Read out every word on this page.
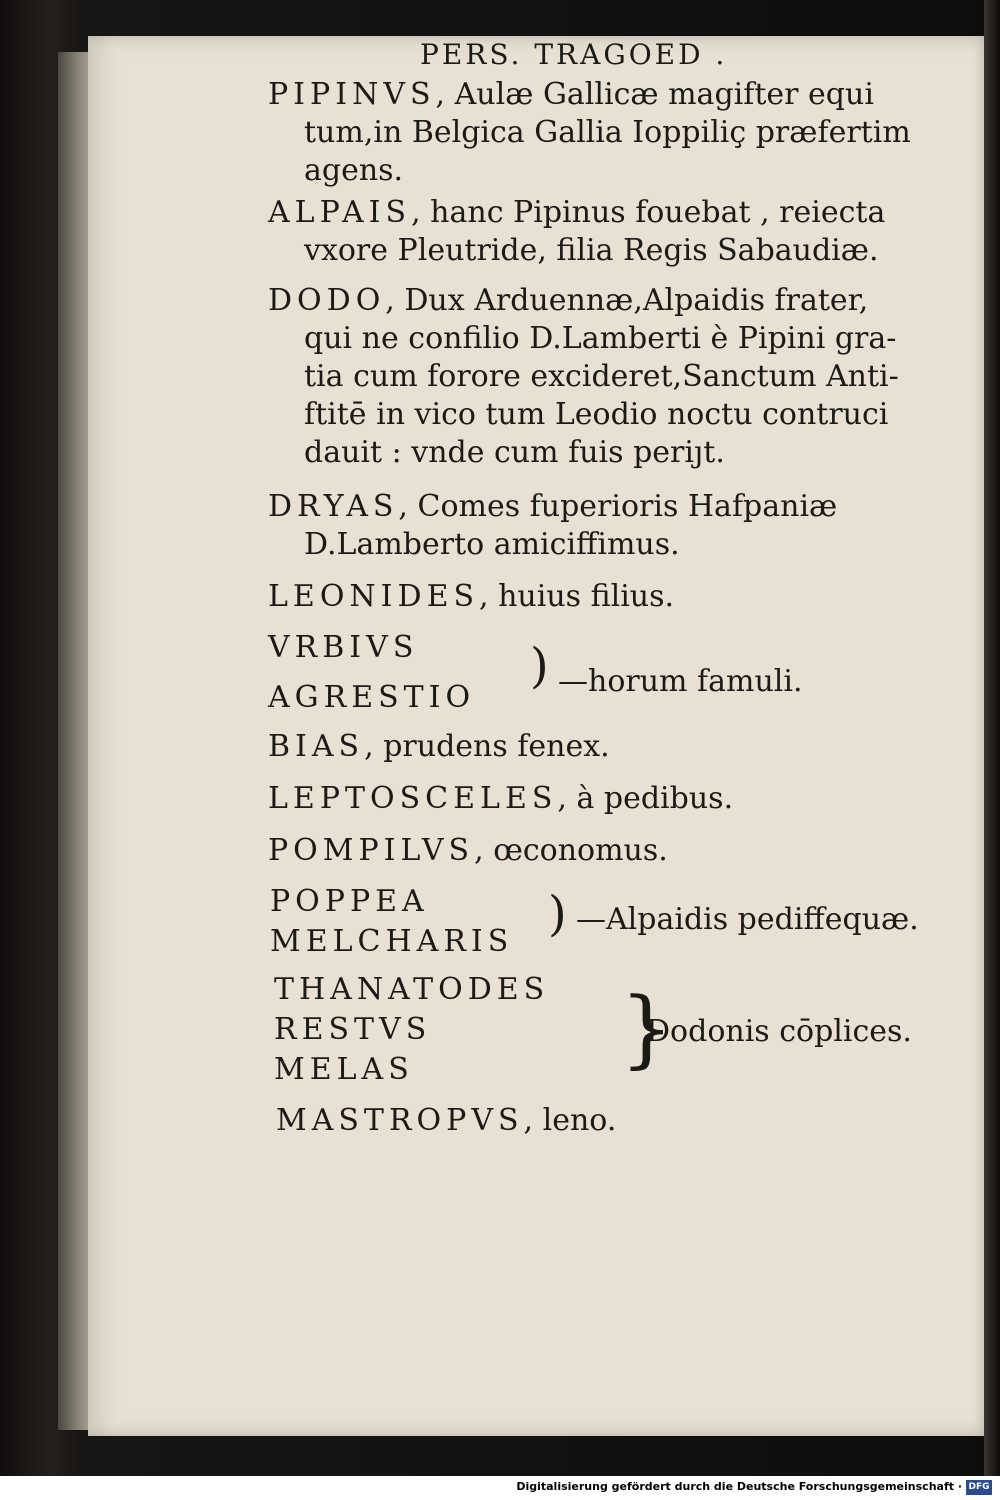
PERS. TRAGOED .
PIPINVS, Aulæ Gallicæ magifter equi
tum,in Belgica Gallia Ioppiliç præfertim
agens.
ALPAIS, hanc Pipinus fouebat , reiecta
vxore Pleutride, filia Regis Sabaudiæ.
DODO, Dux Arduennæ,Alpaidis frater,
qui ne confilio D.Lamberti è Pipini gra-
tia cum forore excideret,Sanctum Anti-
ftitē in vico tum Leodio noctu contruci
dauit : vnde cum fuis periȷt.
DRYAS, Comes fuperioris Hafpaniæ
D.Lamberto amiciffimus.
LEONIDES, huius filius.
VRBIVS
AGRESTIO
) —horum famuli.
BIAS, prudens fenex.
LEPTOSCELES, à pedibus.
POMPILVS, œconomus.
POPPEA
MELCHARIS ) —Alpaidis pediffequæ.
THANATODES
RESTVS
MELAS }
Dodonis cōplices.
MASTROPVS, leno.
Digitalisierung gefördert durch die Deutsche Forschungsgemeinschaft · DFG
